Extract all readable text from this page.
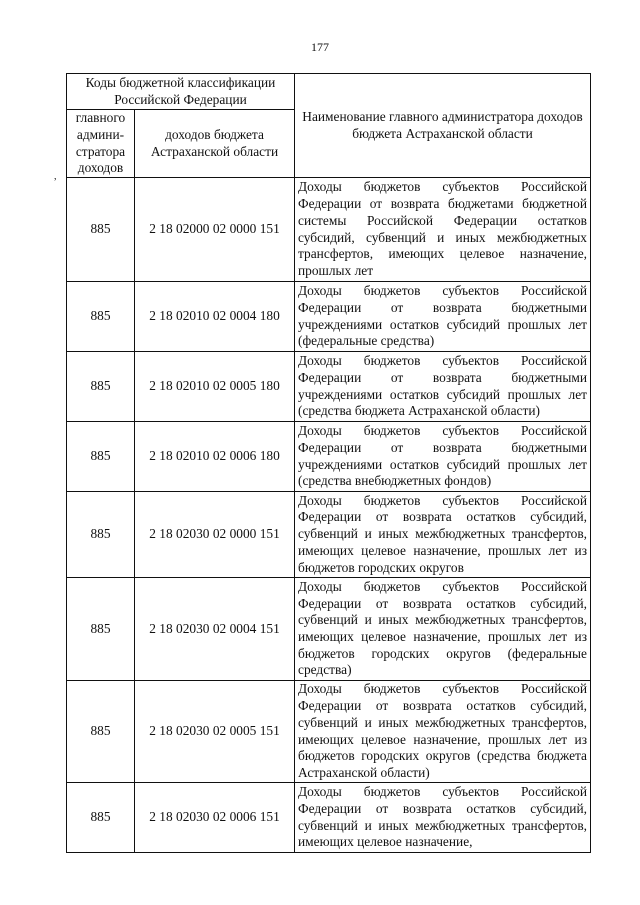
177
,
Коды бюджетной классификации Российской Федерации		Наименование главного администратора доходов бюджета Астраханской области
главного админи-стратора доходов	доходов бюджета Астраханской области	
885	2 18 02000 02 0000 151	Доходы бюджетов субъектов Российской Федерации от возврата бюджетами бюджетной системы Российской Федерации остатков субсидий, субвенций и иных межбюджетных трансфертов, имеющих целевое назначение, прошлых лет
885	2 18 02010 02 0004 180	Доходы бюджетов субъектов Российской Федерации от возврата бюджетными учреждениями остатков субсидий прошлых лет (федеральные средства)
885	2 18 02010 02 0005 180	Доходы бюджетов субъектов Российской Федерации от возврата бюджетными учреждениями остатков субсидий прошлых лет (средства бюджета Астраханской области)
885	2 18 02010 02 0006 180	Доходы бюджетов субъектов Российской Федерации от возврата бюджетными учреждениями остатков субсидий прошлых лет (средства внебюджетных фондов)
885	2 18 02030 02 0000 151	Доходы бюджетов субъектов Российской Федерации от возврата остатков субсидий, субвенций и иных межбюджетных трансфертов, имеющих целевое назначение, прошлых лет из бюджетов городских округов
885	2 18 02030 02 0004 151	Доходы бюджетов субъектов Российской Федерации от возврата остатков субсидий, субвенций и иных межбюджетных трансфертов, имеющих целевое назначение, прошлых лет из бюджетов городских округов (федеральные средства)
885	2 18 02030 02 0005 151	Доходы бюджетов субъектов Российской Федерации от возврата остатков субсидий, субвенций и иных межбюджетных трансфертов, имеющих целевое назначение, прошлых лет из бюджетов городских округов (средства бюджета Астраханской области)
885	2 18 02030 02 0006 151	Доходы бюджетов субъектов Российской Федерации от возврата остатков субсидий, субвенций и иных межбюджетных трансфертов, имеющих целевое назначение,
